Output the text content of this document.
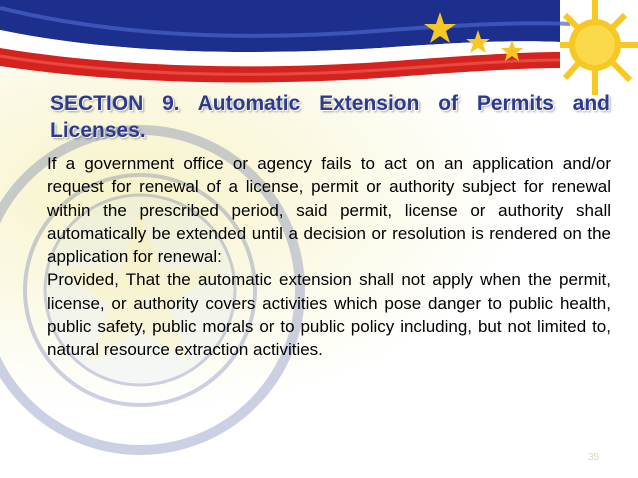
SECTION 9. Automatic Extension of Permits and Licenses.

If a government office or agency fails to act on an application and/or request for renewal of a license, permit or authority subject for renewal within the prescribed period, said permit, license or authority shall automatically be extended until a decision or resolution is rendered on the application for renewal:

Provided, That the automatic extension shall not apply when the permit, license, or authority covers activities which pose danger to public health, public safety, public morals or to public policy including, but not limited to, natural resource extraction activities.

35
